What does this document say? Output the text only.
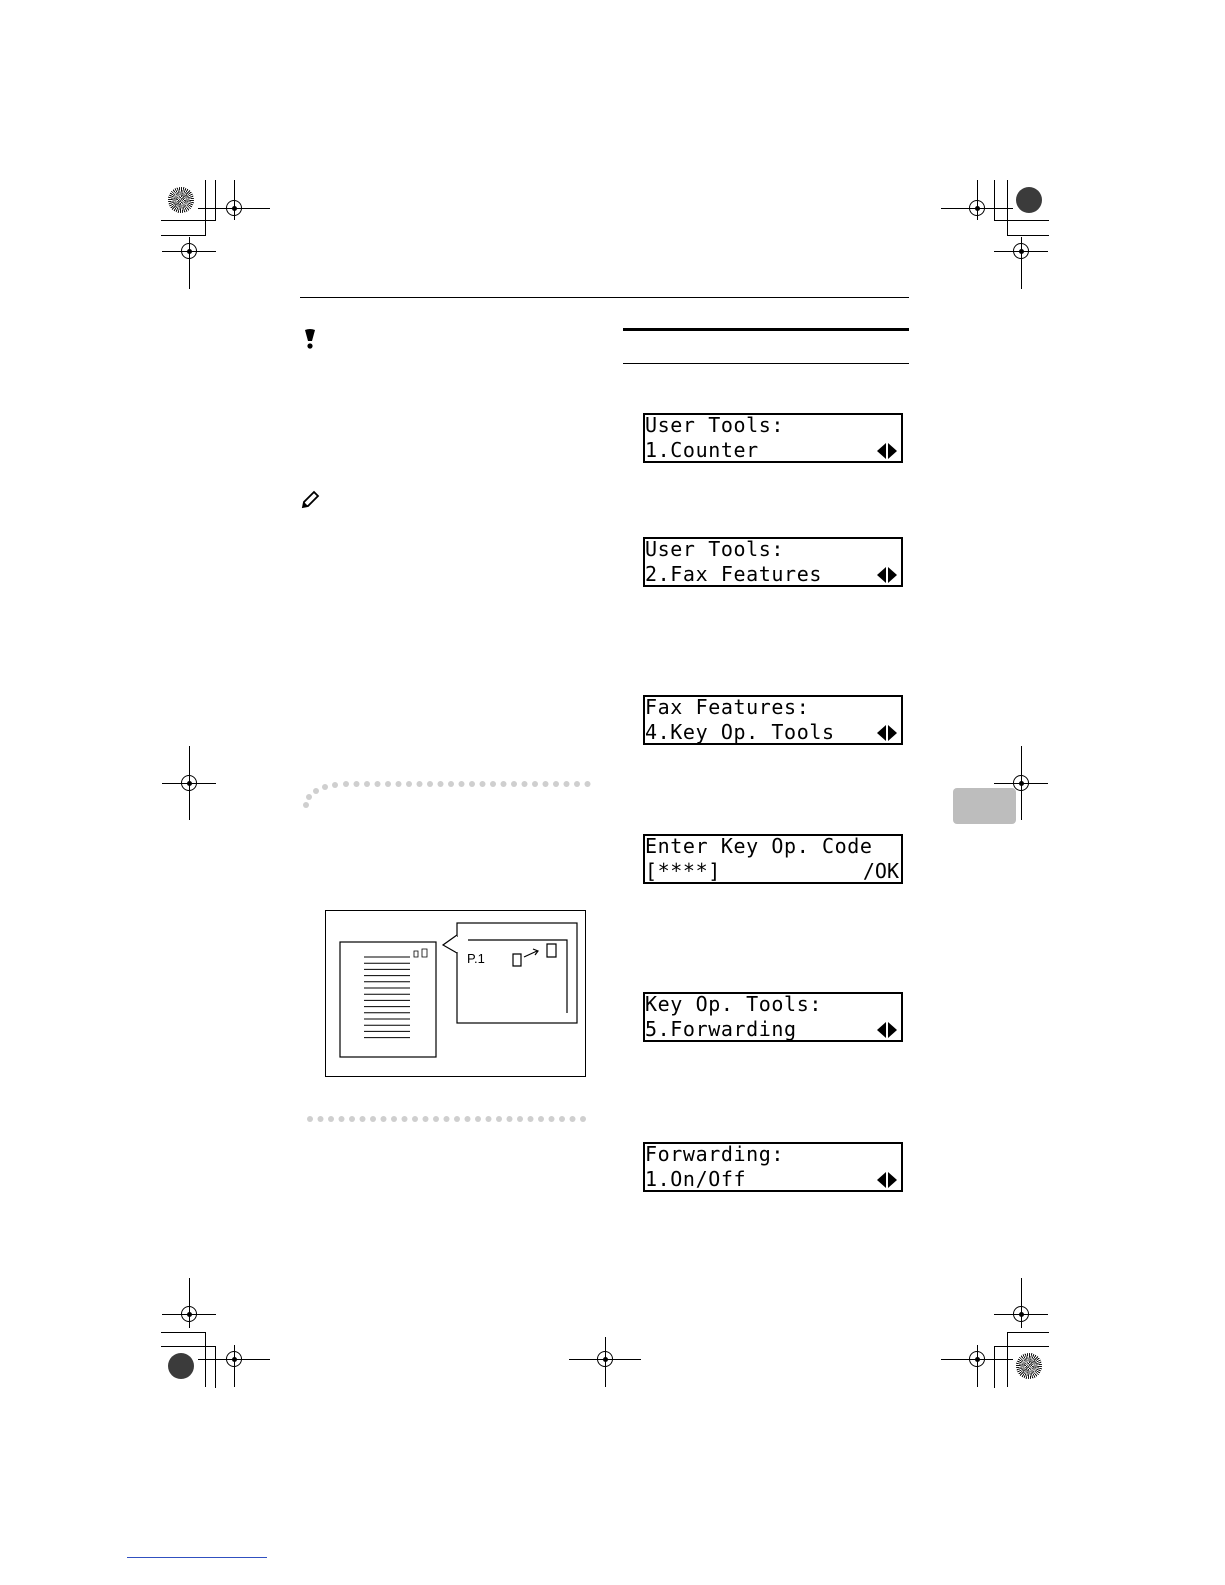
P.1
User Tools:
1.Counter
User Tools:
2.Fax Features
Fax Features:
4.Key Op. Tools
Enter Key Op. Code
[****]	/OK
Key Op. Tools:
5.Forwarding
Forwarding:
1.On/Off
